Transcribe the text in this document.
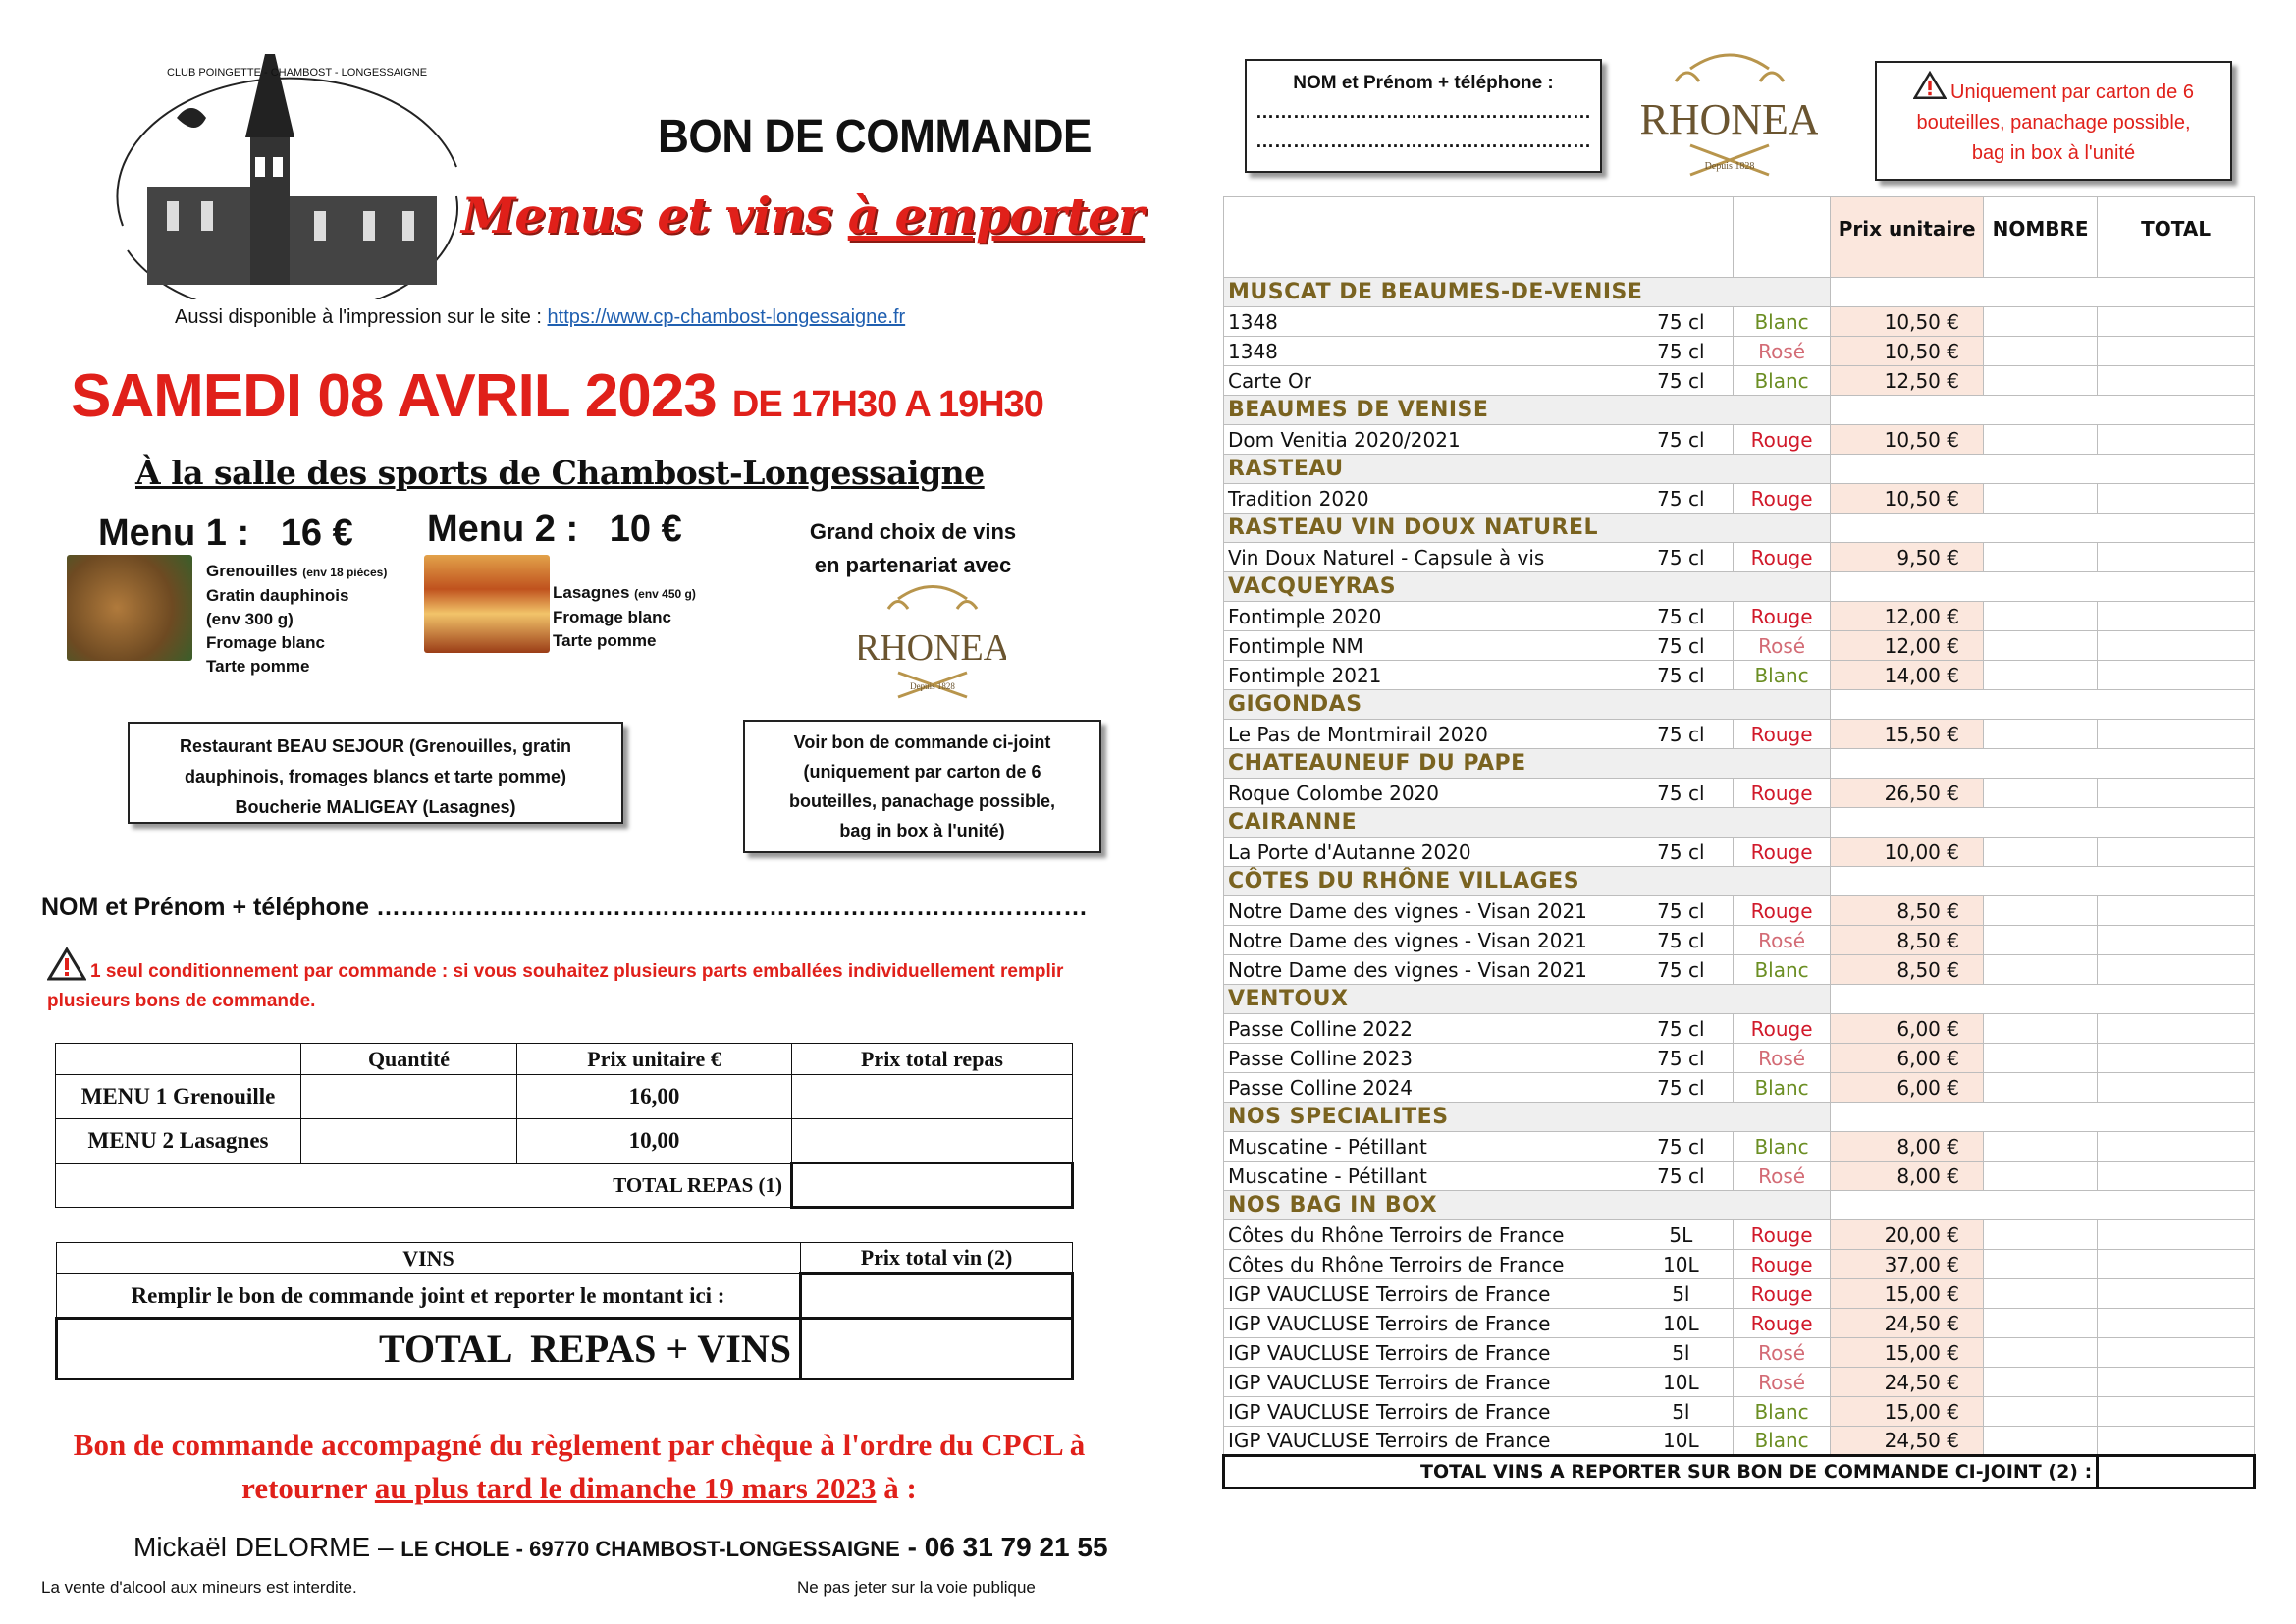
CLUB POINGETTE - CHAMBOST - LONGESSAIGNE
BON DE COMMANDE
Menus et vins à emporter
Aussi disponible à l'impression sur le site : https://www.cp-chambost-longessaigne.fr
SAMEDI 08 AVRIL 2023 DE 17H30 A 19H30
À la salle des sports de Chambost-Longessaigne
Menu 1 :   16 € Menu 2 :   10 €
Grenouilles (env 18 pièces)
Gratin dauphinois
(env 300 g)
Fromage blanc
Tarte pomme
Lasagnes (env 450 g)
Fromage blanc
Tarte pomme
Grand choix de vins
en partenariat avec
RHONEA
Depuis 1828
Restaurant BEAU SEJOUR (Grenouilles, gratin
dauphinois, fromages blancs et tarte pomme)
Boucherie MALIGEAY (Lasagnes)
Voir bon de commande ci-joint
(uniquement par carton de 6
bouteilles, panachage possible,
bag in box à l'unité)
NOM et Prénom + téléphone ……………………………………………………………………………
1 seul conditionnement par commande : si vous souhaitez plusieurs parts emballées individuellement remplir plusieurs bons de commande.
	Quantité	Prix unitaire €	Prix total repas
MENU 1 Grenouille		16,00	
MENU 2 Lasagnes		10,00	
TOTAL REPAS (1)			
VINS	Prix total vin (2)
Remplir le bon de commande joint et reporter le montant ici :	
TOTAL  REPAS + VINS	
Bon de commande accompagné du règlement par chèque à l'ordre du CPCL à
retourner au plus tard le dimanche 19 mars 2023 à :
Mickaël DELORME – LE CHOLE - 69770 CHAMBOST-LONGESSAIGNE - 06 31 79 21 55
La vente d'alcool aux mineurs est interdite.	Ne pas jeter sur la voie publique
NOM et Prénom + téléphone :
………………………………………………
……………………………………………… RHONEA
Depuis 1828
Uniquement par carton de 6
bouteilles, panachage possible,
bag in box à l'unité
			Prix unitaire	NOMBRE	TOTAL
MUSCAT DE BEAUMES-DE-VENISE					
1348	75 cl	Blanc	10,50 €		
1348	75 cl	Rosé	10,50 €		
Carte Or	75 cl	Blanc	12,50 €		
BEAUMES DE VENISE					
Dom Venitia 2020/2021	75 cl	Rouge	10,50 €		
RASTEAU					
Tradition 2020	75 cl	Rouge	10,50 €		
RASTEAU VIN DOUX NATUREL					
Vin Doux Naturel - Capsule à vis	75 cl	Rouge	9,50 €		
VACQUEYRAS					
Fontimple 2020	75 cl	Rouge	12,00 €		
Fontimple NM	75 cl	Rosé	12,00 €		
Fontimple 2021	75 cl	Blanc	14,00 €		
GIGONDAS					
Le Pas de Montmirail 2020	75 cl	Rouge	15,50 €		
CHATEAUNEUF DU PAPE					
Roque Colombe 2020	75 cl	Rouge	26,50 €		
CAIRANNE					
La Porte d'Autanne 2020	75 cl	Rouge	10,00 €		
CÔTES DU RHÔNE VILLAGES					
Notre Dame des vignes - Visan 2021	75 cl	Rouge	8,50 €		
Notre Dame des vignes - Visan 2021	75 cl	Rosé	8,50 €		
Notre Dame des vignes - Visan 2021	75 cl	Blanc	8,50 €		
VENTOUX					
Passe Colline 2022	75 cl	Rouge	6,00 €		
Passe Colline 2023	75 cl	Rosé	6,00 €		
Passe Colline 2024	75 cl	Blanc	6,00 €		
NOS SPECIALITES					
Muscatine - Pétillant	75 cl	Blanc	8,00 €		
Muscatine - Pétillant	75 cl	Rosé	8,00 €		
NOS BAG IN BOX					
Côtes du Rhône Terroirs de France	5L	Rouge	20,00 €		
Côtes du Rhône Terroirs de France	10L	Rouge	37,00 €		
IGP VAUCLUSE Terroirs de France	5l	Rouge	15,00 €		
IGP VAUCLUSE Terroirs de France	10L	Rouge	24,50 €		
IGP VAUCLUSE Terroirs de France	5l	Rosé	15,00 €		
IGP VAUCLUSE Terroirs de France	10L	Rosé	24,50 €		
IGP VAUCLUSE Terroirs de France	5l	Blanc	15,00 €		
IGP VAUCLUSE Terroirs de France	10L	Blanc	24,50 €		
TOTAL VINS A REPORTER SUR BON DE COMMANDE CI-JOINT (2) :					
